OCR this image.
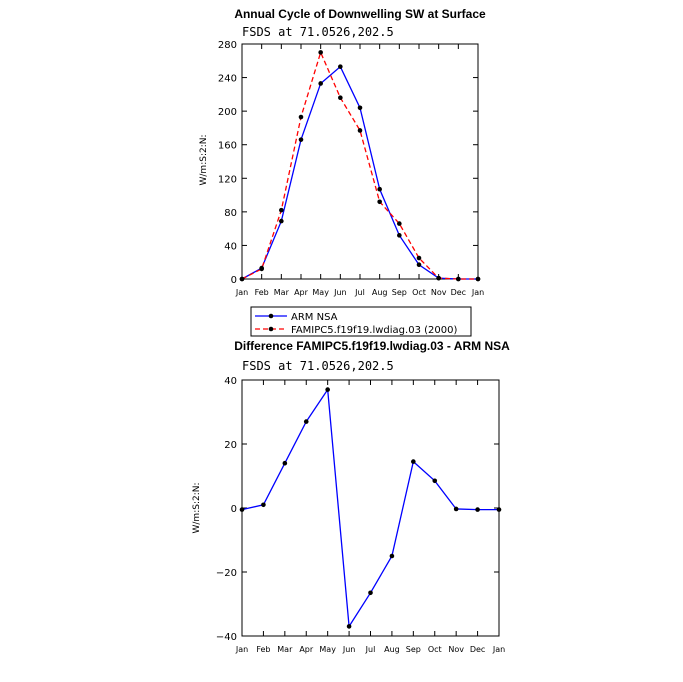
Annual Cycle of Downwelling SW at Surface
FSDS at 71.0526,202.5
W/m:S:2:N:
Jan Feb Mar Apr May Jun Jul Aug Sep Oct Nov Dec Jan
0
40
80
120
160
200
240
280
ARM NSA
FAMIPC5.f19f19.lwdiag.03 (2000)
Difference FAMIPC5.f19f19.lwdiag.03 - ARM NSA
FSDS at 71.0526,202.5
W/m:S:2:N:
Jan Feb Mar Apr May Jun Jul Aug Sep Oct Nov Dec Jan
−40
−20
0
20
40
